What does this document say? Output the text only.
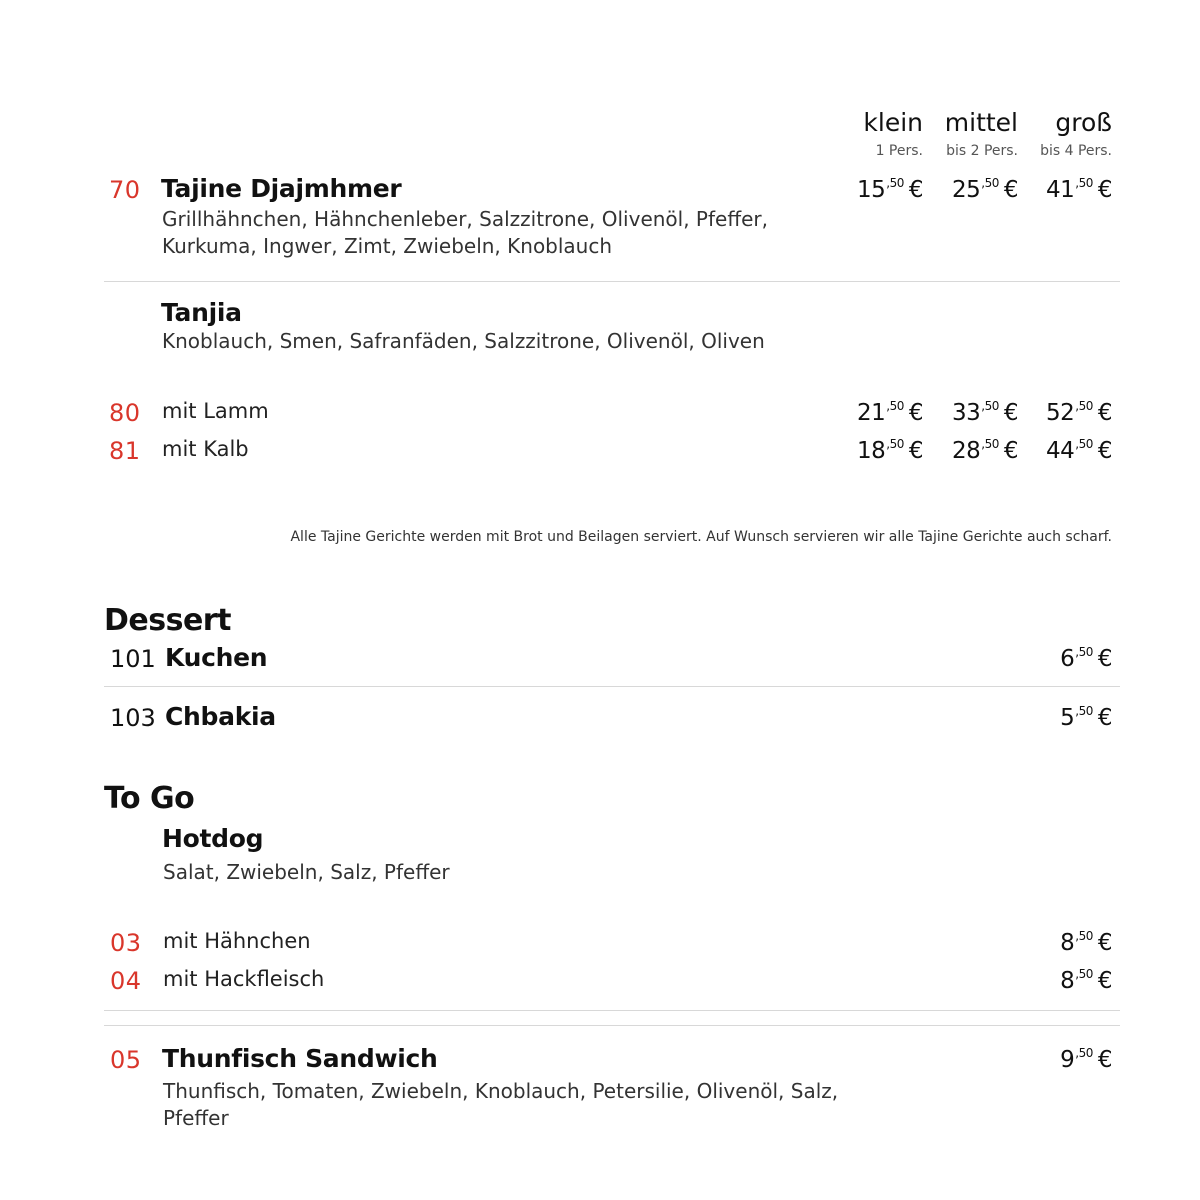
klein mittel groß
1 Pers. bis 2 Pers. bis 4 Pers.
70 Tajine Djajmhmer
Grillhähnchen, Hähnchenleber, Salzzitrone, Olivenöl, Pfeffer, Kurkuma, Ingwer, Zimt, Zwiebeln, Knoblauch
$15^{,50}$ € $25^{,50}$ € $41^{,50}$ €
Tanjia
Knoblauch, Smen, Safranfäden, Salzzitrone, Olivenöl, Oliven
80 mit Lamm	$21^{,50}$ € $33^{,50}$ € $52^{,50}$ €
81 mit Kalb	$18^{,50}$ € $28^{,50}$ € $44^{,50}$ €
Alle Tajine Gerichte werden mit Brot und Beilagen serviert. Auf Wunsch servieren wir alle Tajine Gerichte auch scharf.
Dessert
101 Kuchen	$6^{,50}$ €
103 Chbakia	$5^{,50}$ €
To Go
Hotdog
Salat, Zwiebeln, Salz, Pfeffer
03 mit Hähnchen	$8^{,50}$ €
04 mit Hackfleisch	$8^{,50}$ €
05 Thunfisch Sandwich
Thunfisch, Tomaten, Zwiebeln, Knoblauch, Petersilie, Olivenöl, Salz, Pfeffer
$9^{,50}$ €
